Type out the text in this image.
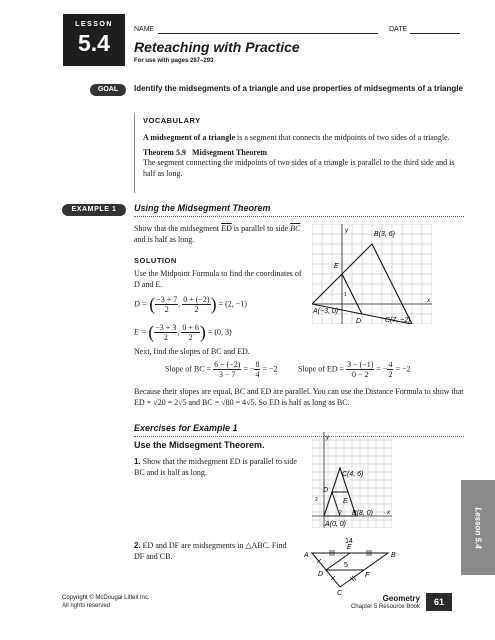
LESSON
5.4
NAME	DATE
Reteaching with Practice
For use with pages 287–293
GOAL	Identify the midsegments of a triangle and use properties of midsegments of a triangle
VOCABULARY
A midsegment of a triangle is a segment that connects the midpoints of two sides of a triangle.
Theorem 5.9 Midsegment Theorem
The segment connecting the midpoints of two sides of a triangle is parallel to the third side and is half as long.
EXAMPLE 1	Using the Midsegment Theorem
Show that the midsegment $\overline{ED}$ is parallel to side $\overline{BC}$ and is half as long.
SOLUTION
Use the Midpoint Formula to find the coordinates of D and E.
D = ( $\frac{-3 + 7}{2}$ , $\frac{0 + (-2)}{2}$ ) = (2, −1)
E = ( $\frac{-3 + 3}{2}$ , $\frac{0 + 6}{2}$ ) = (0, 3)
Next, find the slopes of BC and ED.
Slope of BC = $\frac{6 - (-2)}{3 - 7}$ = − $\frac{8}{4} = -2$	Slope of ED = $\frac{3 - (-1)}{0 - 2}$ = − $\frac{4}{2} = -2$
Because their slopes are equal, BC and ED are parallel. You can use the Distance Formula to show that ED = √20 = 2√5 and BC = √80 = 4√5. So ED is half as long as BC.
y
x
1
B(3, 6)
E
A(−3, 0)
D	C(7, −2)
Exercises for Example 1
Use the Midsegment Theorem.
1. Show that the midsegment ED is parallel to side BC and is half as long.
y
x
C(4, 6)
D
E
B(8, 0)
A(0, 0)
2
2
2. ED and DF are midsegments in △ABC. Find DF and CB.	A	B
C
D
E
F
14
5
Lesson 5.4
Copyright © McDougal Littell Inc.
All rights reserved
Geometry
Chapter 5 Resource Book	61
